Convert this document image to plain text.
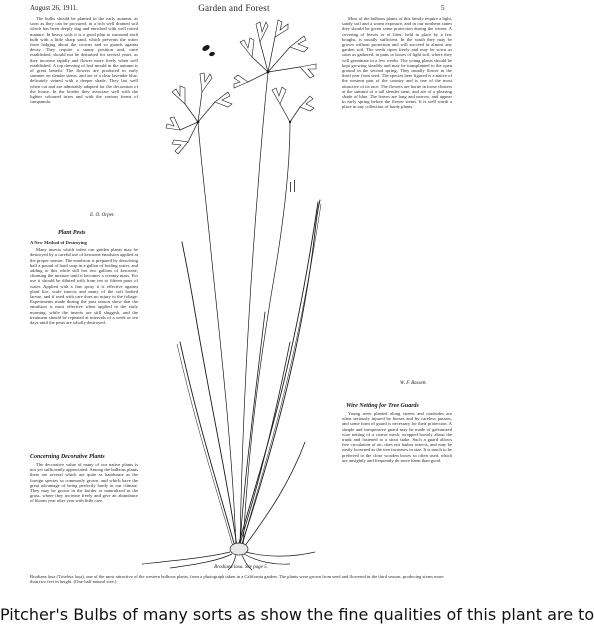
August 26, 1911.	Garden and Forest	5

The bulbs should be planted in the early autumn, as soon as they can be procured, in a rich well drained soil which has been deeply dug and enriched with well rotted manure. In heavy soils it is a good plan to surround each bulb with a little sharp sand, which prevents the water from lodging about the crowns and so guards against decay. They require a sunny position and, once established, should not be disturbed for several years, as they increase rapidly and flower more freely when well established. A top dressing of leaf mould in the autumn is of great benefit. The flowers are produced in early summer on slender stems, and are of a clear lavender blue, delicately veined with a deeper shade. They last well when cut and are admirably adapted for the decoration of the house. In the border they associate well with the lighter coloured irises and with the various forms of campanula.

E. O. Orpet.
Plant Pests

A New Method of Destroying

Many insects which infest our garden plants may be destroyed by a careful use of kerosene emulsion applied at the proper season. The emulsion is prepared by dissolving half a pound of hard soap in a gallon of boiling water, and adding to this while still hot two gallons of kerosene, churning the mixture until it becomes a creamy mass. For use it should be diluted with from ten to fifteen parts of water. Applied with a fine spray it is effective against plant lice, scale insects and many of the soft bodied larvae, and if used with care does no injury to the foliage. Experiments made during the past season show that the emulsion is most effective when applied in the early morning, while the insects are still sluggish, and the treatment should be repeated at intervals of a week or ten days until the pests are wholly destroyed.

Concerning Decorative Plants

The decorative value of many of our native plants is not yet sufficiently appreciated. Among the bulbous plants there are several which are quite as handsome as the foreign species so commonly grown, and which have the great advantage of being perfectly hardy in our climate. They may be grown in the border or naturalized in the grass, where they increase freely and give an abundance of bloom year after year with little care.

Most of the bulbous plants of this family require a light, sandy soil and a warm exposure, and in our northern states they should be given some protection during the winter. A covering of leaves or of litter, held in place by a few boughs, is usually sufficient. In the south they may be grown without protection and will succeed in almost any garden soil. The seeds ripen freely and may be sown as soon as gathered, in pans or boxes of light soil, where they will germinate in a few weeks. The young plants should be kept growing steadily and may be transplanted to the open ground in the second spring. They usually flower in the third year from seed. The species here figured is a native of the western part of the country and is one of the most attractive of its race. The flowers are borne in loose clusters at the summit of a tall slender stem, and are of a pleasing shade of blue. The leaves are long and narrow, and appear in early spring before the flower stems. It is well worth a place in any collection of hardy plants.

W. F. Bassett.
Wire Netting for Tree Guards

Young trees planted along streets and roadsides are often seriously injured by horses and by careless passers, and some form of guard is necessary for their protection. A simple and inexpensive guard may be made of galvanized wire netting of a coarse mesh, wrapped loosely about the trunk and fastened to a stout stake. Such a guard allows free circulation of air, does not harbor insects, and may be easily loosened as the tree increases in size. It is much to be preferred to the close wooden boxes so often used, which are unsightly and frequently do more harm than good.

Brodiaea laxa. See page 5.
Brodiaea laxa (Triteleia laxa), one of the most attractive of the western bulbous plants, from a photograph taken in a California garden. The plants were grown from seed and flowered in the third season, producing stems more than two feet in height. (One-half natural size.)
Pitcher's Bulbs of many sorts as show the fine qualities of this plant are to
